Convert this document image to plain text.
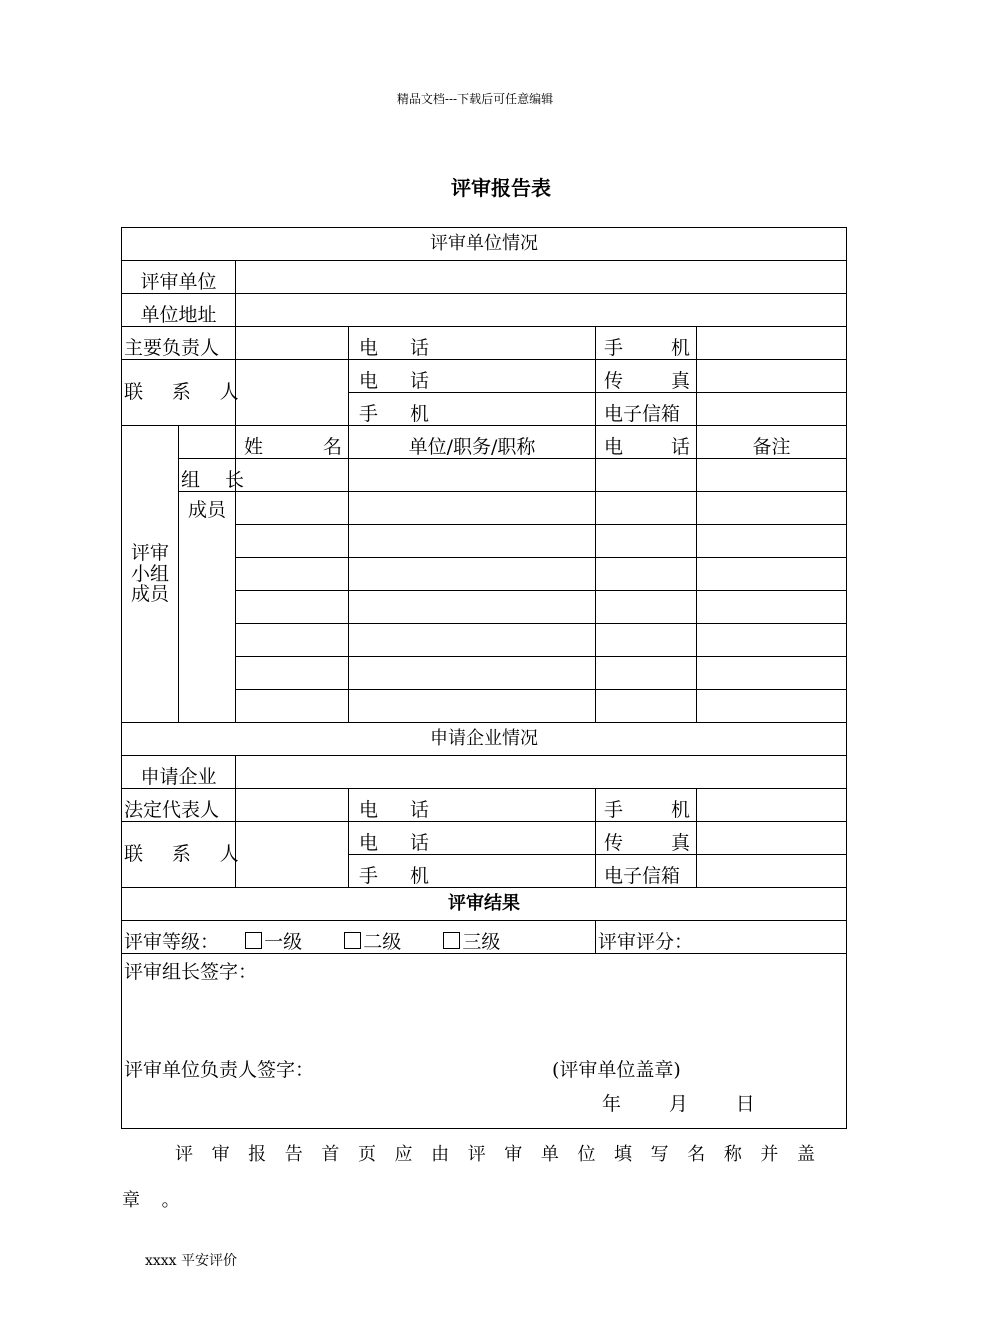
精品文档---下载后可任意编辑
评审报告表
评审单位情况					
评审单位					
单位地址					
主要负责人			电 话	手 机	
联 系 人			电 话	传 真	
			手 机	电子信箱	
评审小组成员		姓 名	单位/职务/职称	电 话	备注
	组 长				
	成员				

申请企业情况					
申请企业					
法定代表人			电 话	手 机	
联 系 人			电 话	传 真	
			手 机	电子信箱	
评审结果					
评审等级： 一级 二级 三级				评审评分：	

评审组长签字：
评审单位负责人签字： (评审单位盖章)
年 月 日					
评审报告首页应由评审单位填写名称并盖
章。
xxxx 平安评价
